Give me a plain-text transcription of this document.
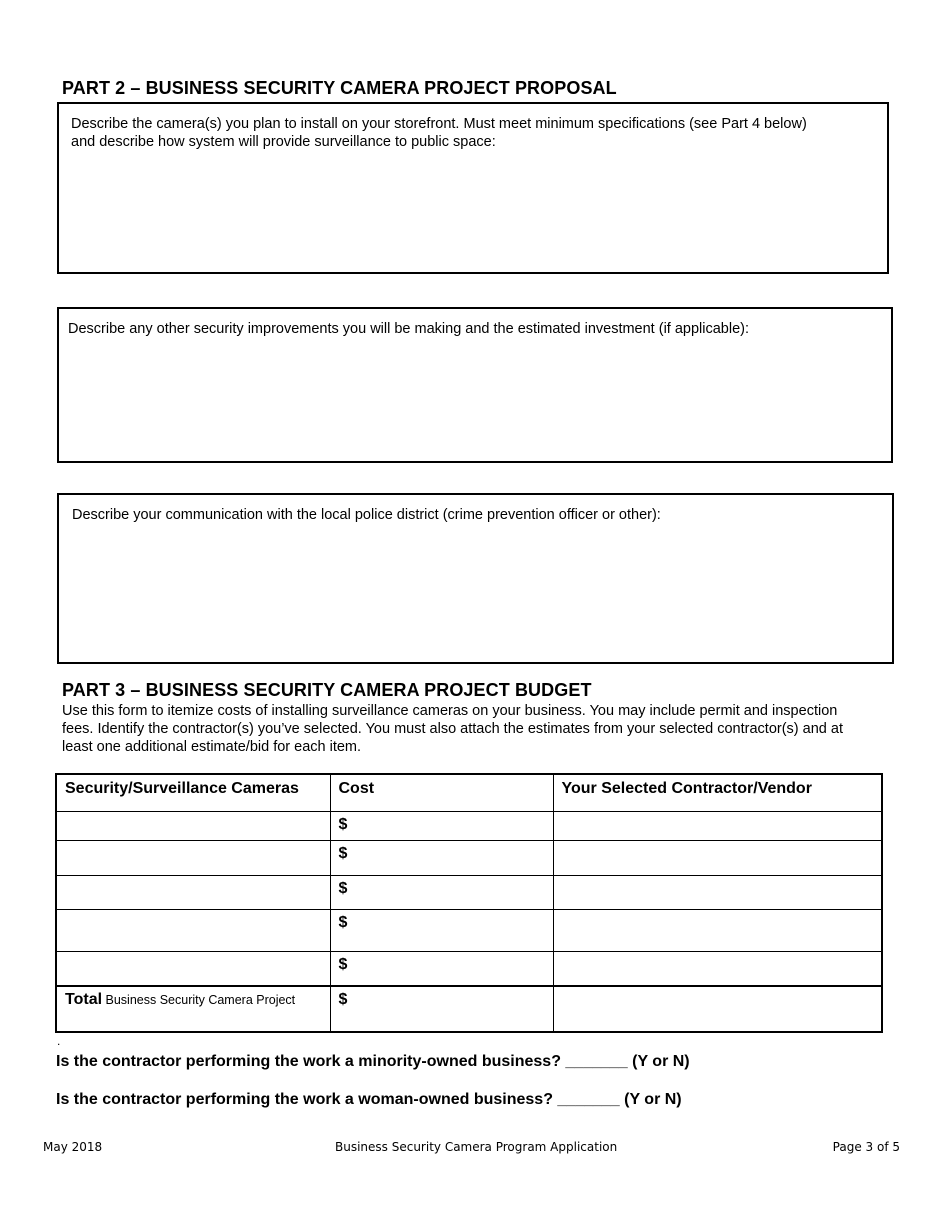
PART 2 – BUSINESS SECURITY CAMERA PROJECT PROPOSAL
Describe the camera(s) you plan to install on your storefront. Must meet minimum specifications (see Part 4 below) and describe how system will provide surveillance to public space:
Describe any other security improvements you will be making and the estimated investment (if applicable):
Describe your communication with the local police district (crime prevention officer or other):
PART 3 – BUSINESS SECURITY CAMERA PROJECT BUDGET
Use this form to itemize costs of installing surveillance cameras on your business. You may include permit and inspection fees. Identify the contractor(s) you’ve selected. You must also attach the estimates from your selected contractor(s) and at least one additional estimate/bid for each item.
Security/Surveillance Cameras	Cost	Your Selected Contractor/Vendor
	$	
	$	
	$	
	$	
	$	
Total Business Security Camera Project	$	
.
Is the contractor performing the work a minority-owned business? _______ (Y or N)
Is the contractor performing the work a woman-owned business? _______ (Y or N)
May 2018	Business Security Camera Program Application	Page 3 of 5
